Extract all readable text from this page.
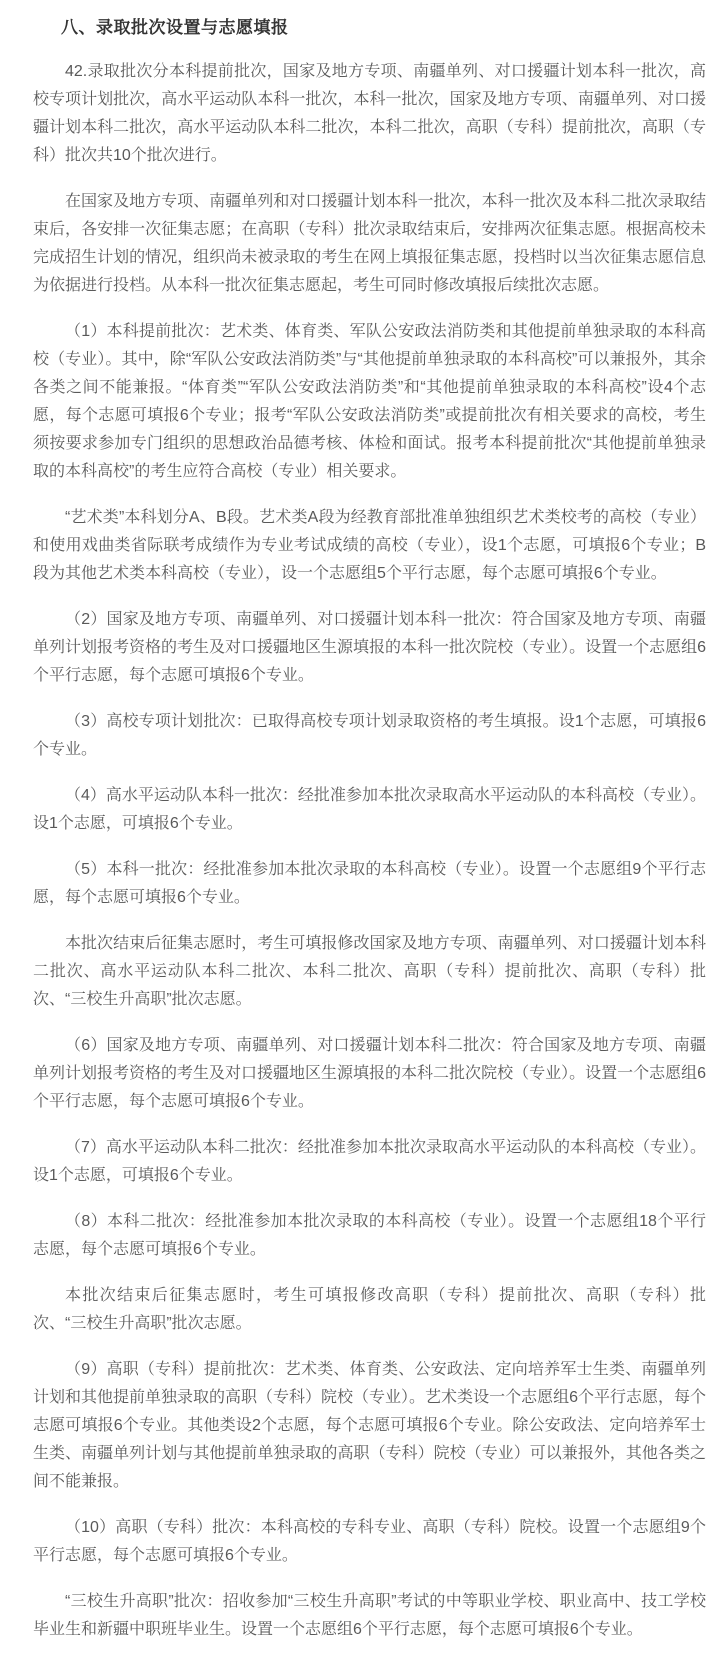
八、录取批次设置与志愿填报

42.录取批次分本科提前批次，国家及地方专项、南疆单列、对口援疆计划本科一批次，高校专项计划批次，高水平运动队本科一批次，本科一批次，国家及地方专项、南疆单列、对口援疆计划本科二批次，高水平运动队本科二批次，本科二批次，高职（专科）提前批次，高职（专科）批次共10个批次进行。

在国家及地方专项、南疆单列和对口援疆计划本科一批次，本科一批次及本科二批次录取结束后，各安排一次征集志愿；在高职（专科）批次录取结束后，安排两次征集志愿。根据高校未完成招生计划的情况，组织尚未被录取的考生在网上填报征集志愿，投档时以当次征集志愿信息为依据进行投档。从本科一批次征集志愿起，考生可同时修改填报后续批次志愿。

（1）本科提前批次：艺术类、体育类、军队公安政法消防类和其他提前单独录取的本科高校（专业）。其中，除“军队公安政法消防类”与“其他提前单独录取的本科高校”可以兼报外，其余各类之间不能兼报。“体育类”“军队公安政法消防类”和“其他提前单独录取的本科高校”设4个志愿，每个志愿可填报6个专业；报考“军队公安政法消防类”或提前批次有相关要求的高校，考生须按要求参加专门组织的思想政治品德考核、体检和面试。报考本科提前批次“其他提前单独录取的本科高校”的考生应符合高校（专业）相关要求。

“艺术类”本科划分A、B段。艺术类A段为经教育部批准单独组织艺术类校考的高校（专业）和使用戏曲类省际联考成绩作为专业考试成绩的高校（专业），设1个志愿，可填报6个专业；B段为其他艺术类本科高校（专业），设一个志愿组5个平行志愿，每个志愿可填报6个专业。

（2）国家及地方专项、南疆单列、对口援疆计划本科一批次：符合国家及地方专项、南疆单列计划报考资格的考生及对口援疆地区生源填报的本科一批次院校（专业）。设置一个志愿组6个平行志愿，每个志愿可填报6个专业。

（3）高校专项计划批次：已取得高校专项计划录取资格的考生填报。设1个志愿，可填报6个专业。

（4）高水平运动队本科一批次：经批准参加本批次录取高水平运动队的本科高校（专业）。设1个志愿，可填报6个专业。

（5）本科一批次：经批准参加本批次录取的本科高校（专业）。设置一个志愿组9个平行志愿，每个志愿可填报6个专业。

本批次结束后征集志愿时，考生可填报修改国家及地方专项、南疆单列、对口援疆计划本科二批次、高水平运动队本科二批次、本科二批次、高职（专科）提前批次、高职（专科）批次、“三校生升高职”批次志愿。

（6）国家及地方专项、南疆单列、对口援疆计划本科二批次：符合国家及地方专项、南疆单列计划报考资格的考生及对口援疆地区生源填报的本科二批次院校（专业）。设置一个志愿组6个平行志愿，每个志愿可填报6个专业。

（7）高水平运动队本科二批次：经批准参加本批次录取高水平运动队的本科高校（专业）。设1个志愿，可填报6个专业。

（8）本科二批次：经批准参加本批次录取的本科高校（专业）。设置一个志愿组18个平行志愿，每个志愿可填报6个专业。

本批次结束后征集志愿时，考生可填报修改高职（专科）提前批次、高职（专科）批次、“三校生升高职”批次志愿。

（9）高职（专科）提前批次：艺术类、体育类、公安政法、定向培养军士生类、南疆单列计划和其他提前单独录取的高职（专科）院校（专业）。艺术类设一个志愿组6个平行志愿，每个志愿可填报6个专业。其他类设2个志愿，每个志愿可填报6个专业。除公安政法、定向培养军士生类、南疆单列计划与其他提前单独录取的高职（专科）院校（专业）可以兼报外，其他各类之间不能兼报。

（10）高职（专科）批次：本科高校的专科专业、高职（专科）院校。设置一个志愿组9个平行志愿，每个志愿可填报6个专业。

“三校生升高职”批次：招收参加“三校生升高职”考试的中等职业学校、职业高中、技工学校毕业生和新疆中职班毕业生。设置一个志愿组6个平行志愿，每个志愿可填报6个专业。
